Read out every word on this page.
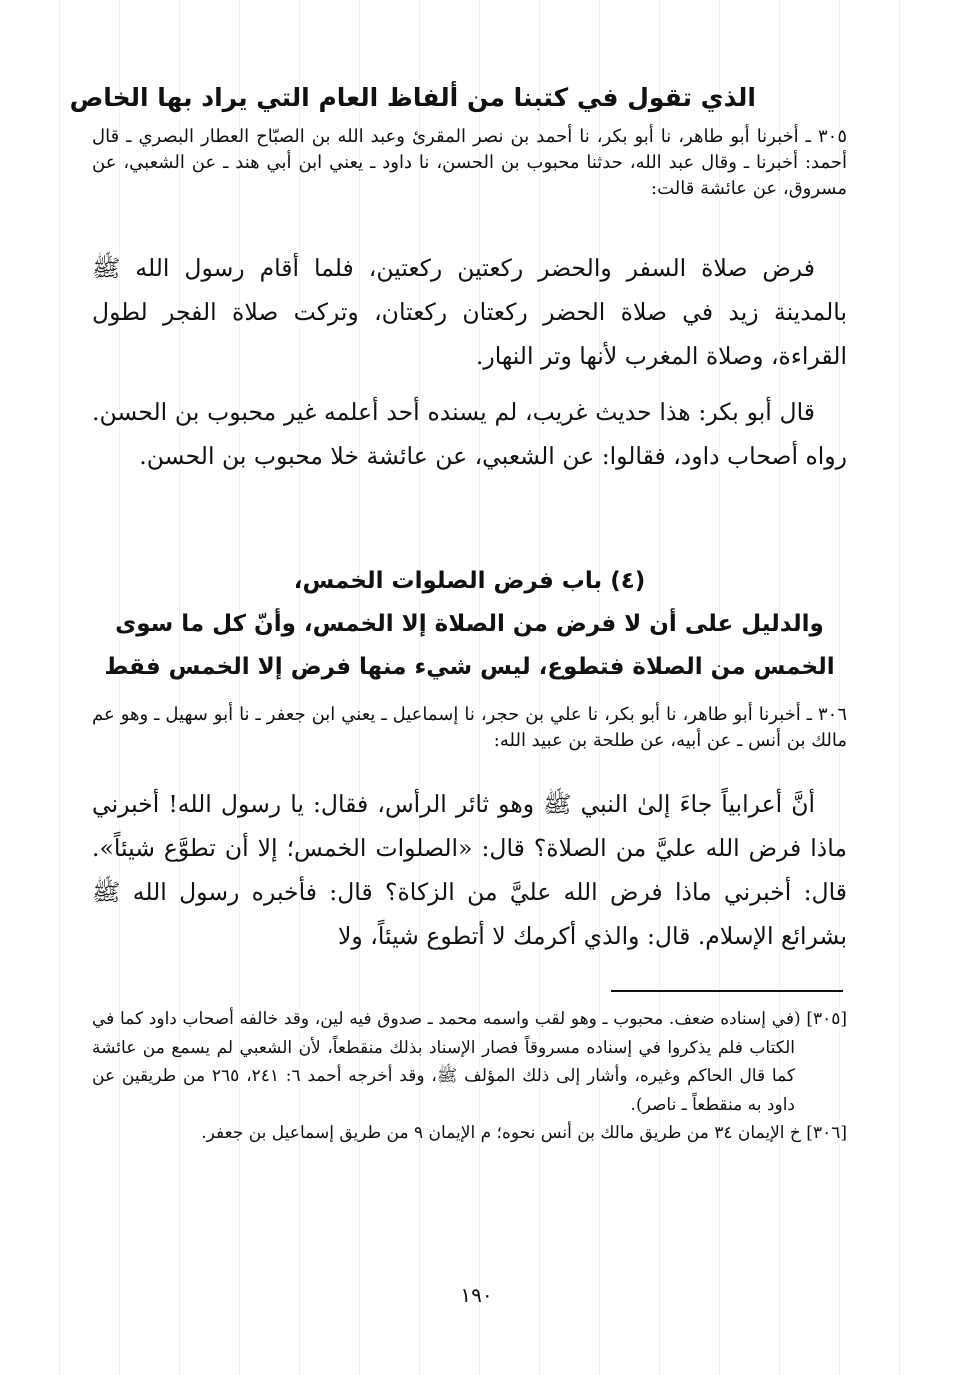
الذي تقول في كتبنا من ألفاظ العام التي يراد بها الخاص
٣٠٥ ـ أخبرنا أبو طاهر، نا أبو بكر، نا أحمد بن نصر المقرئ وعبد الله بن الصبّاح العطار البصري ـ قال أحمد: أخبرنا ـ وقال عبد الله، حدثنا محبوب بن الحسن، نا داود ـ يعني ابن أبي هند ـ عن الشعبي، عن مسروق، عن عائشة قالت:
فرض صلاة السفر والحضر ركعتين ركعتين، فلما أقام رسول الله ﷺ بالمدينة زيد في صلاة الحضر ركعتان ركعتان، وتركت صلاة الفجر لطول القراءة، وصلاة المغرب لأنها وتر النهار.
قال أبو بكر: هذا حديث غريب، لم يسنده أحد أعلمه غير محبوب بن الحسن. رواه أصحاب داود، فقالوا: عن الشعبي، عن عائشة خلا محبوب بن الحسن.
(٤) باب فرض الصلوات الخمس،
والدليل على أن لا فرض من الصلاة إلا الخمس، وأنّ كل ما سوى
الخمس من الصلاة فتطوع، ليس شيء منها فرض إلا الخمس فقط
٣٠٦ ـ أخبرنا أبو طاهر، نا أبو بكر، نا علي بن حجر، نا إسماعيل ـ يعني ابن جعفر ـ نا أبو سهيل ـ وهو عم مالك بن أنس ـ عن أبيه، عن طلحة بن عبيد الله:
أنَّ أعرابياً جاءَ إلىٰ النبي ﷺ وهو ثائر الرأس، فقال: يا رسول الله! أخبرني ماذا فرض الله عليَّ من الصلاة؟ قال: «الصلوات الخمس؛ إلا أن تطوَّع شيئاً». قال: أخبرني ماذا فرض الله عليَّ من الزكاة؟ قال: فأخبره رسول الله ﷺ بشرائع الإسلام. قال: والذي أكرمك لا أتطوع شيئاً، ولا

[٣٠٥] (في إسناده ضعف. محبوب ـ وهو لقب واسمه محمد ـ صدوق فيه لين، وقد خالفه أصحاب داود كما في الكتاب فلم يذكروا في إسناده مسروقاً فصار الإسناد بذلك منقطعاً، لأن الشعبي لم يسمع من عائشة كما قال الحاكم وغيره، وأشار إلى ذلك المؤلف ﷺ، وقد أخرجه أحمد ٦: ٢٤١، ٢٦٥ من طريقين عن داود به منقطعاً ـ ناصر).

[٣٠٦] خ الإيمان ٣٤ من طريق مالك بن أنس نحوه؛ م الإيمان ٩ من طريق إسماعيل بن جعفر.

١٩٠
